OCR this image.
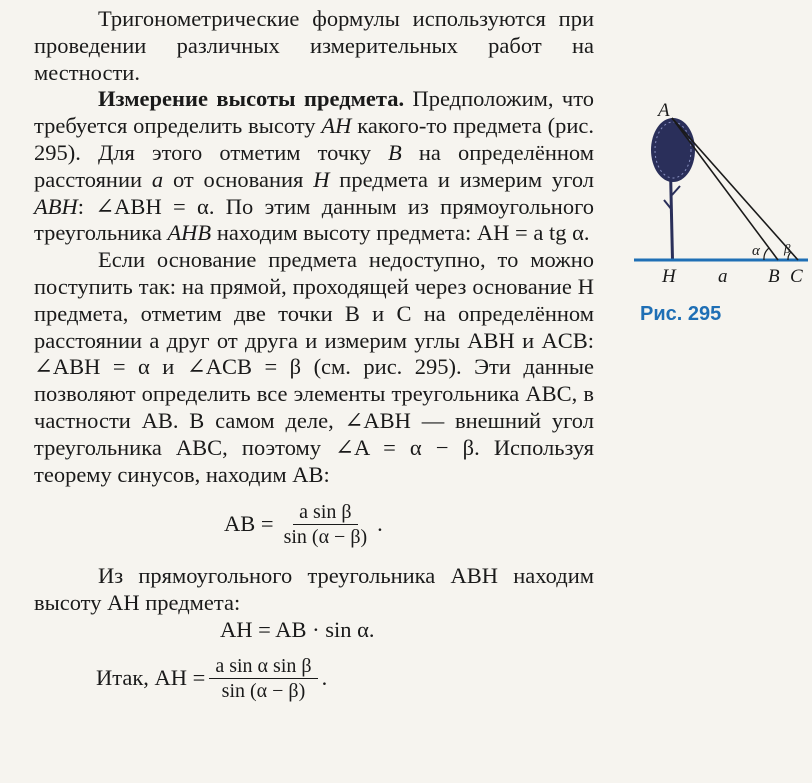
Тригонометрические формулы используются при проведении различных измерительных работ на местности.

Измерение высоты предмета. Предположим, что требуется определить высоту AH какого-то предмета (рис. 295). Для этого отметим точку B на определённом расстоянии a от основания H предмета и измерим угол ABH: ∠ABH = α. По этим данным из прямоугольного треугольника AHB находим высоту предмета: AH = a tg α.

Если основание предмета недоступно, то можно поступить так: на прямой, проходящей через основание H предмета, отметим две точки B и C на определённом расстоянии a друг от друга и измерим углы ABH и ACB: ∠ABH = α и ∠ACB = β (см. рис. 295). Эти данные позволяют определить все элементы треугольника ABC, в частности AB. В самом деле, ∠ABH — внешний угол треугольника ABC, поэтому ∠A = α − β. Используя теорему синусов, находим AB:

AB = $\frac{\text{a sin β}}{\sin (\alpha - \beta)}$ .

Из прямоугольного треугольника ABH находим высоту AH предмета:

AH = AB · sin α.
Итак, AH = $\frac{\text{a sin α sin β}}{\sin (\alpha - \beta)}$ .
A
H a B C
α β
Рис. 295
